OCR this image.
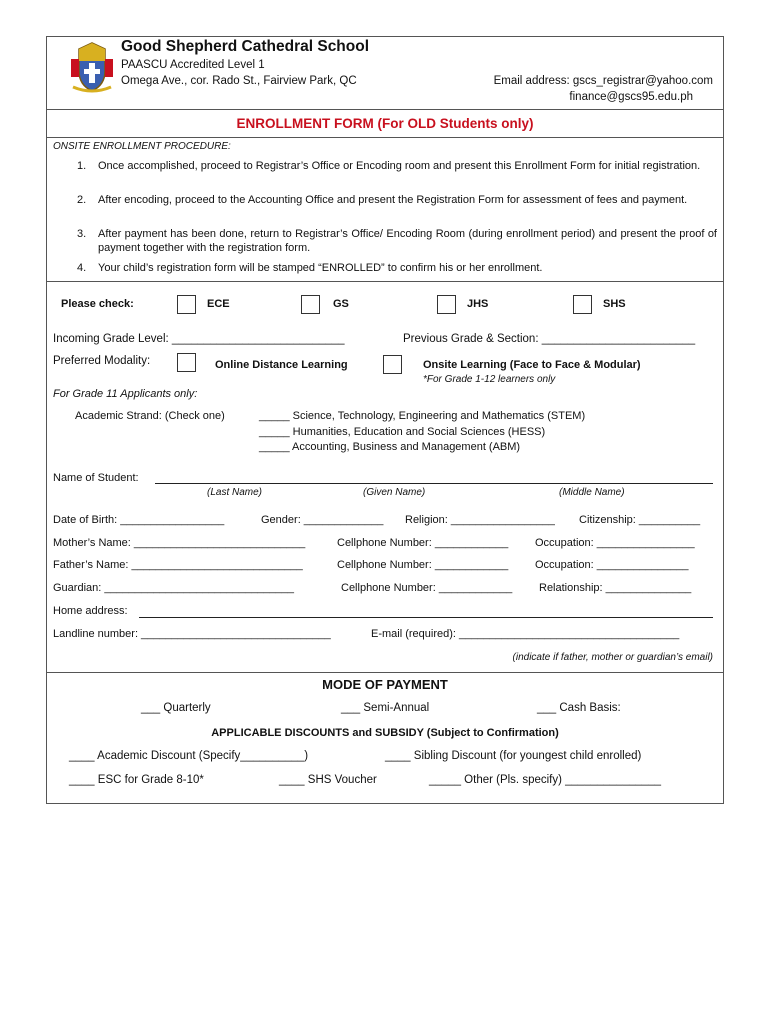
Good Shepherd Cathedral School
PAASCU Accredited Level 1
Omega Ave., cor. Rado St., Fairview Park, QC	Email address: gscs_registrar@yahoo.com
finance@gscs95.edu.ph
ENROLLMENT FORM (For OLD Students only)
ONSITE ENROLLMENT PROCEDURE:
1. Once accomplished, proceed to Registrar’s Office or Encoding room and present this Enrollment Form for initial registration.
2. After encoding, proceed to the Accounting Office and present the Registration Form for assessment of fees and payment.
3. After payment has been done, return to Registrar’s Office/ Encoding Room (during enrollment period) and present the proof of payment together with the registration form.
4. Your child’s registration form will be stamped “ENROLLED” to confirm his or her enrollment.
Please check:	ECE	GS	JHS	SHS
Incoming Grade Level: ___________________________	Previous Grade & Section: ________________________
Preferred Modality:	Online Distance Learning	Onsite Learning (Face to Face & Modular)
*For Grade 1-12 learners only
For Grade 11 Applicants only:
Academic Strand: (Check one)	_____ Science, Technology, Engineering and Mathematics (STEM)
_____ Humanities, Education and Social Sciences (HESS)
_____ Accounting, Business and Management (ABM)
Name of Student:
(Last Name)	(Given Name)	(Middle Name)
Date of Birth: _________________	Gender: _____________ Religion: _________________ Citizenship: __________
Mother’s Name: ____________________________	Cellphone Number: ____________ Occupation: ________________
Father’s Name: ____________________________	Cellphone Number: ____________ Occupation: _______________
Guardian: _______________________________	Cellphone Number: ____________ Relationship: ______________
Home address:
Landline number: _______________________________	E-mail (required): ____________________________________
(indicate if father, mother or guardian’s email)
MODE OF PAYMENT
___ Quarterly	___ Semi-Annual	___ Cash Basis:
APPLICABLE DISCOUNTS and SUBSIDY (Subject to Confirmation)
____ Academic Discount (Specify__________)	____ Sibling Discount (for youngest child enrolled)
____ ESC for Grade 8-10*	____ SHS Voucher	_____ Other (Pls. specify) _______________
